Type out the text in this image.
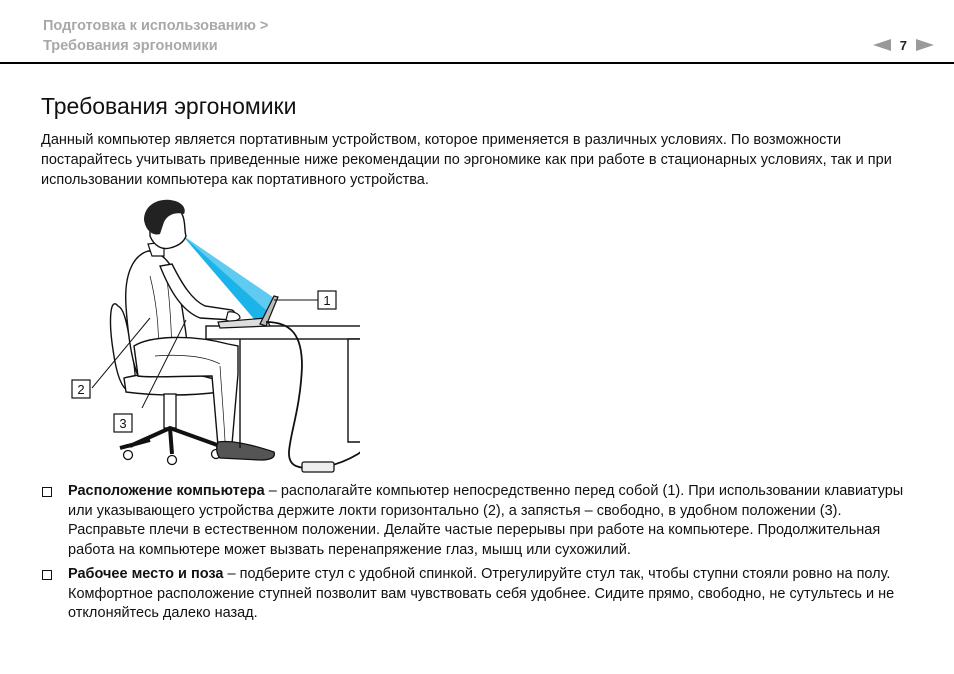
Подготовка к использованию >
Требования эргономики	7
Требования эргономики

Данный компьютер является портативным устройством, которое применяется в различных условиях. По возможности постарайтесь учитывать приведенные ниже рекомендации по эргономике как при работе в стационарных условиях, так и при использовании компьютера как портативного устройства.

1
2
3
Расположение компьютера – располагайте компьютер непосредственно перед собой (1). При использовании клавиатуры или указывающего устройства держите локти горизонтально (2), а запястья – свободно, в удобном положении (3). Расправьте плечи в естественном положении. Делайте частые перерывы при работе на компьютере. Продолжительная работа на компьютере может вызвать перенапряжение глаз, мышц или сухожилий.
Рабочее место и поза – подберите стул с удобной спинкой. Отрегулируйте стул так, чтобы ступни стояли ровно на полу. Комфортное расположение ступней позволит вам чувствовать себя удобнее. Сидите прямо, свободно, не сутультесь и не отклоняйтесь далеко назад.
